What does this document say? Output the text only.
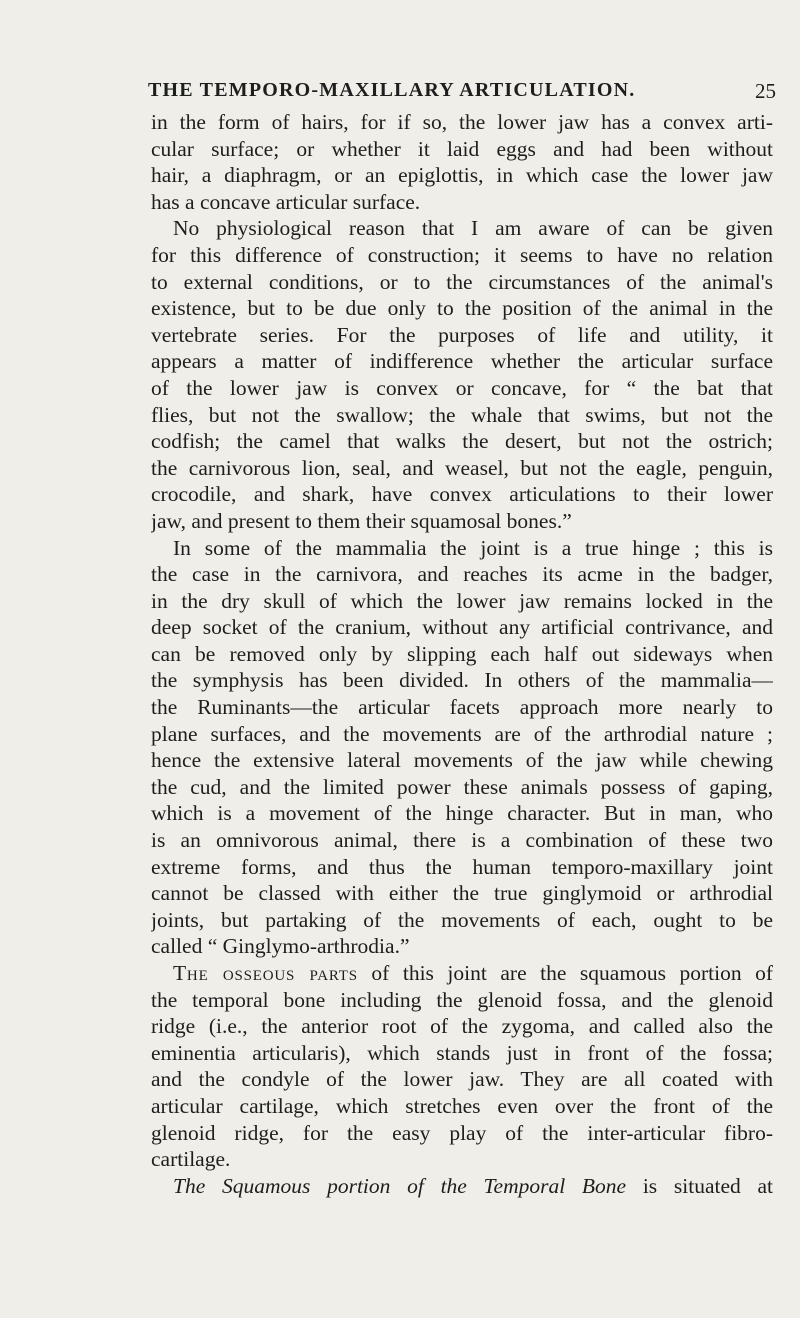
THE TEMPORO-MAXILLARY ARTICULATION.	25
in the form of hairs, for if so, the lower jaw has a convex arti-
cular surface; or whether it laid eggs and had been without
hair, a diaphragm, or an epiglottis, in which case the lower jaw
has a concave articular surface.
No physiological reason that I am aware of can be given
for this difference of construction; it seems to have no relation
to external conditions, or to the circumstances of the animal's
existence, but to be due only to the position of the animal in the
vertebrate series. For the purposes of life and utility, it
appears a matter of indifference whether the articular surface
of the lower jaw is convex or concave, for “ the bat that
flies, but not the swallow; the whale that swims, but not the
codfish; the camel that walks the desert, but not the ostrich;
the carnivorous lion, seal, and weasel, but not the eagle, penguin,
crocodile, and shark, have convex articulations to their lower
jaw, and present to them their squamosal bones.”
In some of the mammalia the joint is a true hinge ; this is
the case in the carnivora, and reaches its acme in the badger,
in the dry skull of which the lower jaw remains locked in the
deep socket of the cranium, without any artificial contrivance, and
can be removed only by slipping each half out sideways when
the symphysis has been divided. In others of the mammalia—
the Ruminants—the articular facets approach more nearly to
plane surfaces, and the movements are of the arthrodial nature ;
hence the extensive lateral movements of the jaw while chewing
the cud, and the limited power these animals possess of gaping,
which is a movement of the hinge character. But in man, who
is an omnivorous animal, there is a combination of these two
extreme forms, and thus the human temporo-maxillary joint
cannot be classed with either the true ginglymoid or arthrodial
joints, but partaking of the movements of each, ought to be
called “ Ginglymo-arthrodia.”
The osseous parts of this joint are the squamous portion of
the temporal bone including the glenoid fossa, and the glenoid
ridge (i.e., the anterior root of the zygoma, and called also the
eminentia articularis), which stands just in front of the fossa;
and the condyle of the lower jaw. They are all coated with
articular cartilage, which stretches even over the front of the
glenoid ridge, for the easy play of the inter-articular fibro-
cartilage.
The Squamous portion of the Temporal Bone is situated at
